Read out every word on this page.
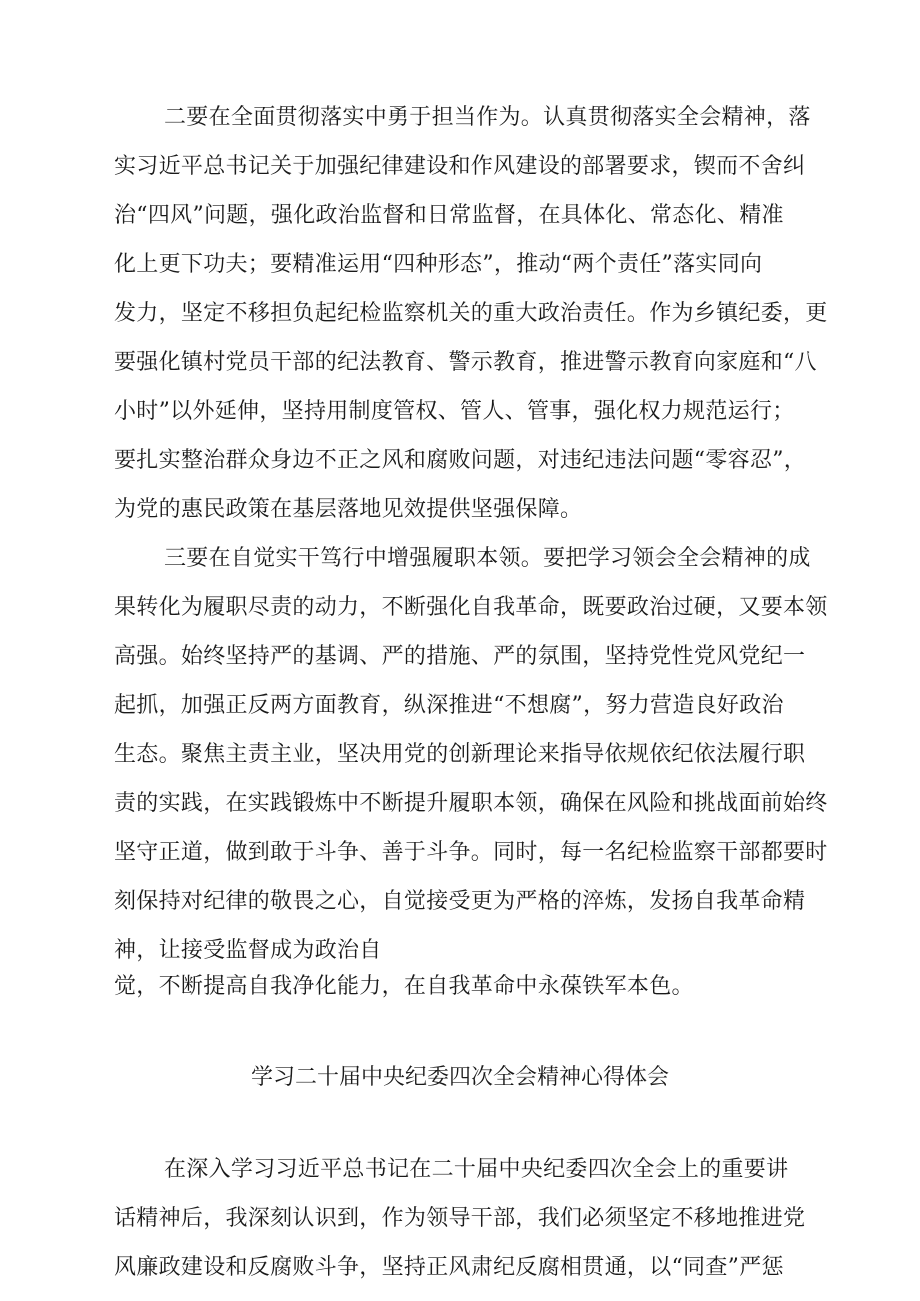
二要在全面贯彻落实中勇于担当作为。认真贯彻落实全会精神，落
实习近平总书记关于加强纪律建设和作风建设的部署要求，锲而不舍纠
治“四风”问题，强化政治监督和日常监督，在具体化、常态化、精准
化上更下功夫；要精准运用“四种形态”，推动“两个责任”落实同向
发力，坚定不移担负起纪检监察机关的重大政治责任。作为乡镇纪委，更
要强化镇村党员干部的纪法教育、警示教育，推进警示教育向家庭和“八
小时”以外延伸，坚持用制度管权、管人、管事，强化权力规范运行；
要扎实整治群众身边不正之风和腐败问题，对违纪违法问题“零容忍”，
为党的惠民政策在基层落地见效提供坚强保障。
三要在自觉实干笃行中增强履职本领。要把学习领会全会精神的成
果转化为履职尽责的动力，不断强化自我革命，既要政治过硬，又要本领
高强。始终坚持严的基调、严的措施、严的氛围，坚持党性党风党纪一
起抓，加强正反两方面教育，纵深推进“不想腐”，努力营造良好政治
生态。聚焦主责主业，坚决用党的创新理论来指导依规依纪依法履行职
责的实践，在实践锻炼中不断提升履职本领，确保在风险和挑战面前始终
坚守正道，做到敢于斗争、善于斗争。同时，每一名纪检监察干部都要时
刻保持对纪律的敬畏之心，自觉接受更为严格的淬炼，发扬自我革命精
神，让接受监督成为政治自
觉，不断提高自我净化能力，在自我革命中永葆铁军本色。
学习二十届中央纪委四次全会精神心得体会
在深入学习习近平总书记在二十届中央纪委四次全会上的重要讲
话精神后，我深刻认识到，作为领导干部，我们必须坚定不移地推进党
风廉政建设和反腐败斗争，坚持正风肃纪反腐相贯通，以“同查”严惩
